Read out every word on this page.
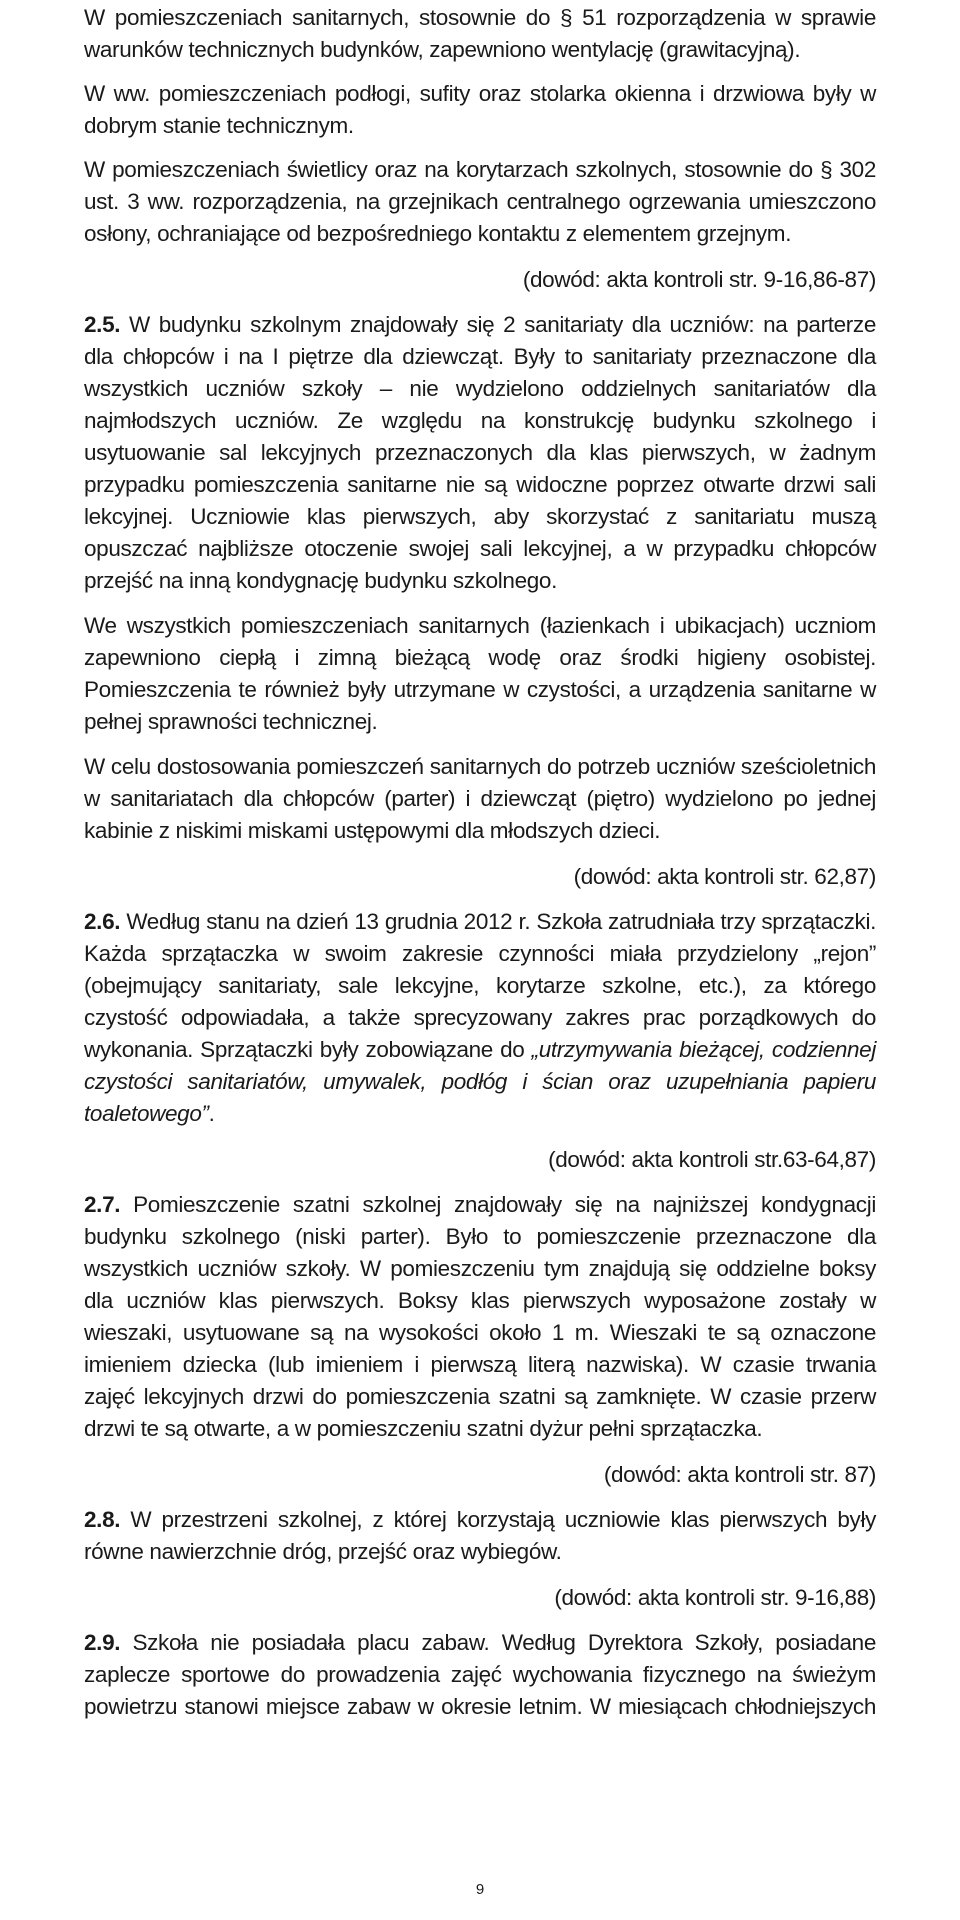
W pomieszczeniach sanitarnych, stosownie do § 51 rozporządzenia w sprawie warunków technicznych budynków, zapewniono wentylację (grawitacyjną).

W ww. pomieszczeniach podłogi, sufity oraz stolarka okienna i drzwiowa były w dobrym stanie technicznym.

W pomieszczeniach świetlicy oraz na korytarzach szkolnych, stosownie do § 302 ust. 3 ww. rozporządzenia, na grzejnikach centralnego ogrzewania umieszczono osłony, ochraniające od bezpośredniego kontaktu z elementem grzejnym.

(dowód: akta kontroli str. 9-16,86-87)

2.5. W budynku szkolnym znajdowały się 2 sanitariaty dla uczniów: na parterze dla chłopców i na I piętrze dla dziewcząt. Były to sanitariaty przeznaczone dla wszystkich uczniów szkoły – nie wydzielono oddzielnych sanitariatów dla najmłodszych uczniów. Ze względu na konstrukcję budynku szkolnego i usytuowanie sal lekcyjnych przeznaczonych dla klas pierwszych, w żadnym przypadku pomieszczenia sanitarne nie są widoczne poprzez otwarte drzwi sali lekcyjnej. Uczniowie klas pierwszych, aby skorzystać z sanitariatu muszą opuszczać najbliższe otoczenie swojej sali lekcyjnej, a w przypadku chłopców przejść na inną kondygnację budynku szkolnego.

We wszystkich pomieszczeniach sanitarnych (łazienkach i ubikacjach) uczniom zapewniono ciepłą i zimną bieżącą wodę oraz środki higieny osobistej. Pomieszczenia te również były utrzymane w czystości, a urządzenia sanitarne w pełnej sprawności technicznej.

W celu dostosowania pomieszczeń sanitarnych do potrzeb uczniów sześcioletnich w sanitariatach dla chłopców (parter) i dziewcząt (piętro) wydzielono po jednej kabinie z niskimi miskami ustępowymi dla młodszych dzieci.

(dowód: akta kontroli str. 62,87)

2.6. Według stanu na dzień 13 grudnia 2012 r. Szkoła zatrudniała trzy sprzątaczki. Każda sprzątaczka w swoim zakresie czynności miała przydzielony „rejon” (obejmujący sanitariaty, sale lekcyjne, korytarze szkolne, etc.), za którego czystość odpowiadała, a także sprecyzowany zakres prac porządkowych do wykonania. Sprzątaczki były zobowiązane do „utrzymywania bieżącej, codziennej czystości sanitariatów, umywalek, podłóg i ścian oraz uzupełniania papieru toaletowego”.

(dowód: akta kontroli str.63-64,87)

2.7. Pomieszczenie szatni szkolnej znajdowały się na najniższej kondygnacji budynku szkolnego (niski parter). Było to pomieszczenie przeznaczone dla wszystkich uczniów szkoły. W pomieszczeniu tym znajdują się oddzielne boksy dla uczniów klas pierwszych. Boksy klas pierwszych wyposażone zostały w wieszaki, usytuowane są na wysokości około 1 m. Wieszaki te są oznaczone imieniem dziecka (lub imieniem i pierwszą literą nazwiska). W czasie trwania zajęć lekcyjnych drzwi do pomieszczenia szatni są zamknięte. W czasie przerw drzwi te są otwarte, a w pomieszczeniu szatni dyżur pełni sprzątaczka.

(dowód: akta kontroli str. 87)

2.8. W przestrzeni szkolnej, z której korzystają uczniowie klas pierwszych były równe nawierzchnie dróg, przejść oraz wybiegów.

(dowód: akta kontroli str. 9-16,88)

2.9. Szkoła nie posiadała placu zabaw. Według Dyrektora Szkoły, posiadane zaplecze sportowe do prowadzenia zajęć wychowania fizycznego na świeżym powietrzu stanowi miejsce zabaw w okresie letnim. W miesiącach chłodniejszych

9
